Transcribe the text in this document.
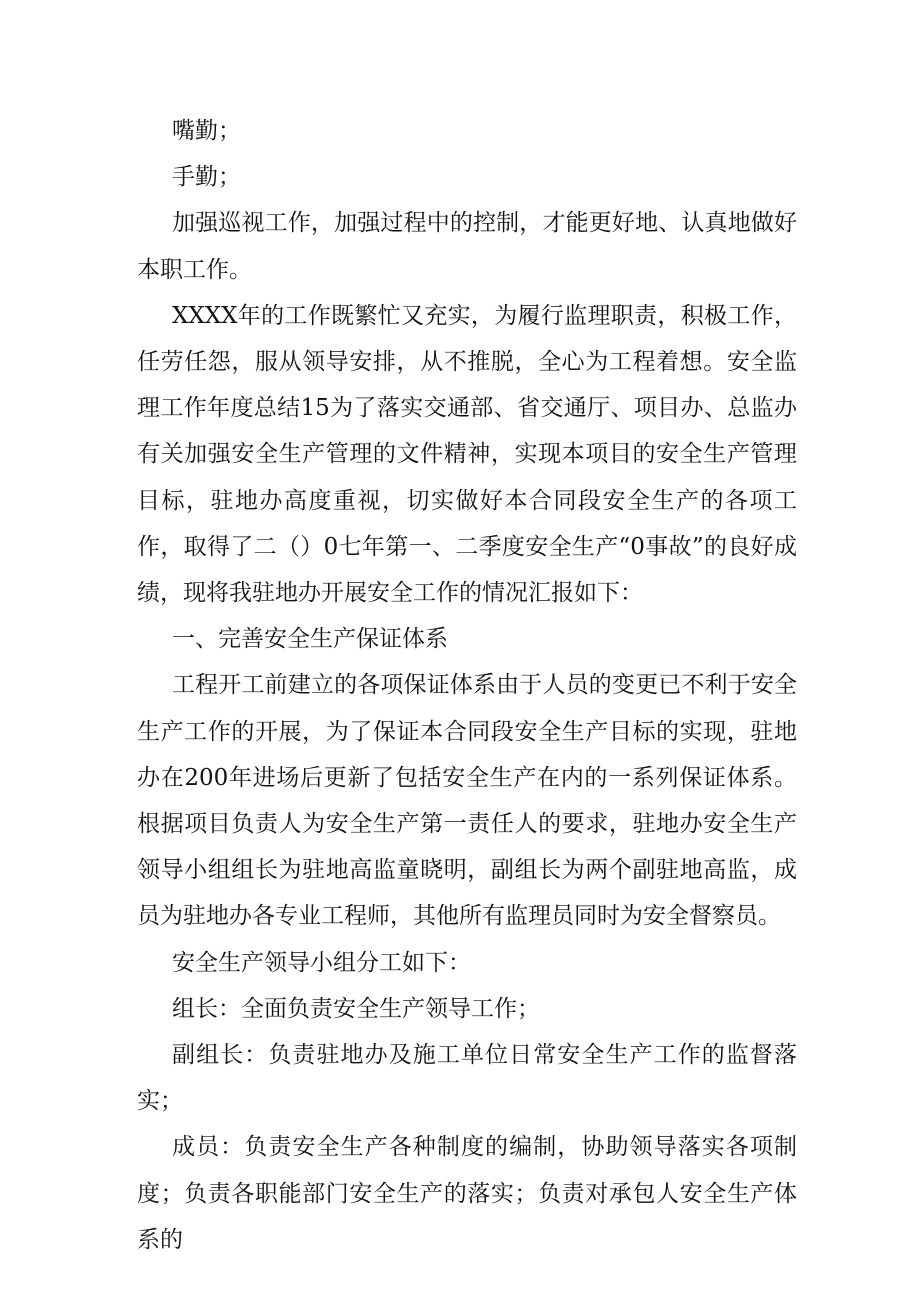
嘴勤；

手勤；

加强巡视工作，加强过程中的控制，才能更好地、认真地做好本职工作。

XXXX年的工作既繁忙又充实，为履行监理职责，积极工作，任劳任怨，服从领导安排，从不推脱，全心为工程着想。安全监理工作年度总结15为了落实交通部、省交通厅、项目办、总监办有关加强安全生产管理的文件精神，实现本项目的安全生产管理目标，驻地办高度重视，切实做好本合同段安全生产的各项工作，取得了二（）0七年第一、二季度安全生产“0事故”的良好成绩，现将我驻地办开展安全工作的情况汇报如下：

一、完善安全生产保证体系

工程开工前建立的各项保证体系由于人员的变更已不利于安全生产工作的开展，为了保证本合同段安全生产目标的实现，驻地办在200年进场后更新了包括安全生产在内的一系列保证体系。根据项目负责人为安全生产第一责任人的要求，驻地办安全生产领导小组组长为驻地高监童晓明，副组长为两个副驻地高监，成员为驻地办各专业工程师，其他所有监理员同时为安全督察员。

安全生产领导小组分工如下：

组长：全面负责安全生产领导工作；

副组长：负责驻地办及施工单位日常安全生产工作的监督落实；

成员：负责安全生产各种制度的编制，协助领导落实各项制度；负责各职能部门安全生产的落实；负责对承包人安全生产体系的
